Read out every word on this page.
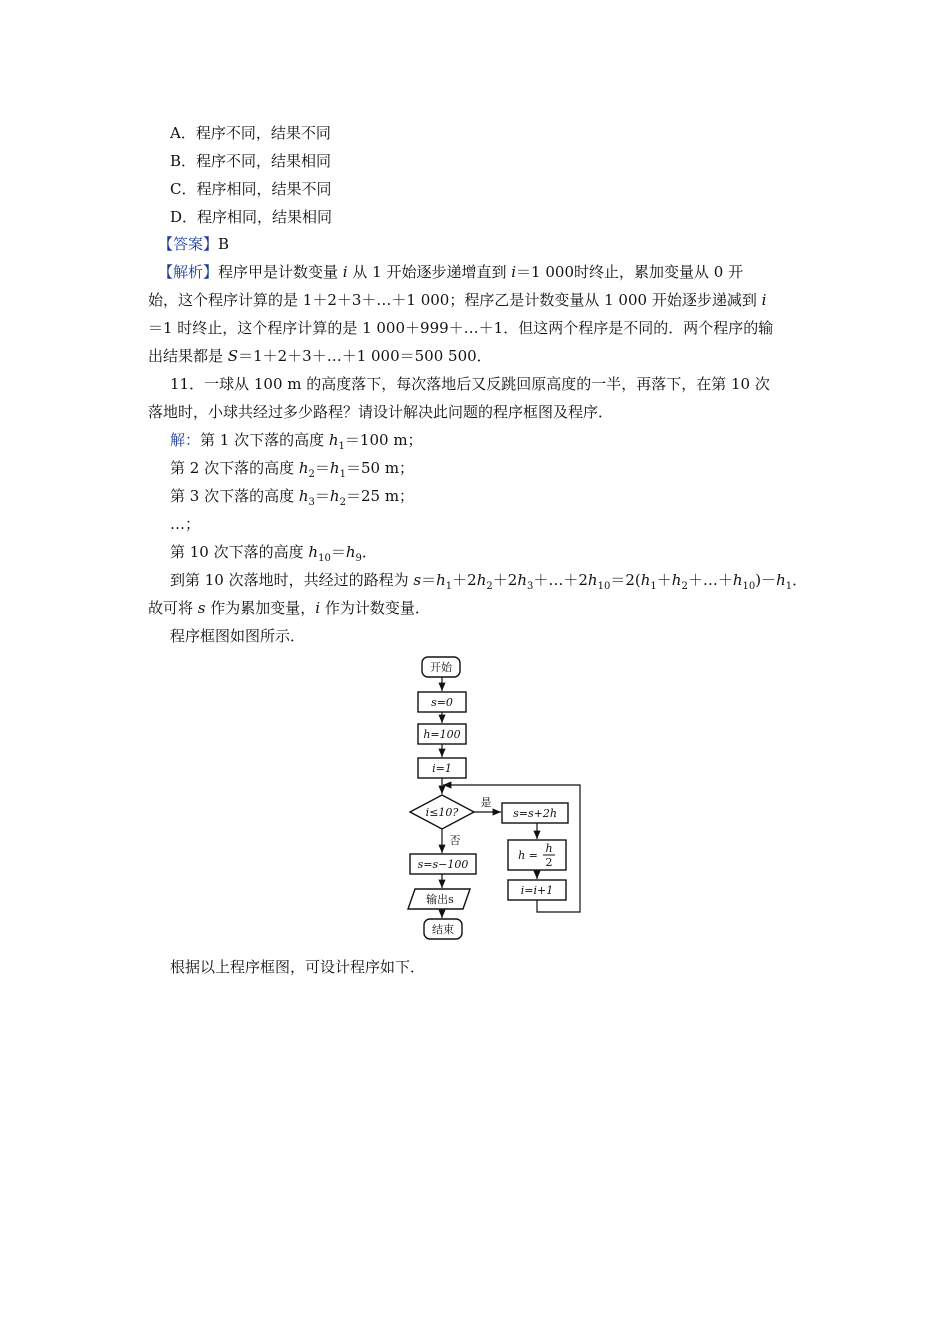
A．程序不同，结果不同
B．程序不同，结果相同
C．程序相同，结果不同
D．程序相同，结果相同
【答案】B
【解析】程序甲是计数变量 i 从 1 开始逐步递增直到 i＝1 000时终止，累加变量从 0 开
始，这个程序计算的是 1＋2＋3＋…＋1 000；程序乙是计数变量从 1 000 开始逐步递减到 i
＝1 时终止，这个程序计算的是 1 000＋999＋…＋1．但这两个程序是不同的．两个程序的输
出结果都是 S＝1＋2＋3＋…＋1 000＝500 500．
11．一球从 100 m 的高度落下，每次落地后又反跳回原高度的一半，再落下，在第 10 次
落地时，小球共经过多少路程？请设计解决此问题的程序框图及程序．
解：第 1 次下落的高度 $h_1=100$ m；
第 2 次下落的高度 $h_2=h_1=50$ m；
第 3 次下落的高度 $h_3=h_2=25$ m；
…；
第 10 次下落的高度 $h_{10}=h_9$．
到第 10 次落地时，共经过的路程为 $s=h_1+2h_2+2h_3+\dots+2h_{10}=2(h_1+h_2+\dots+h_{10})-h_1$．
故可将 s 作为累加变量，i 作为计数变量．
程序框图如图所示．
开始
s=0
h=100
i=1
i≤10?
是
否
s=s+2h
h =
h
2
i=i+1
s=s−100
输出s
结束
根据以上程序框图，可设计程序如下．
